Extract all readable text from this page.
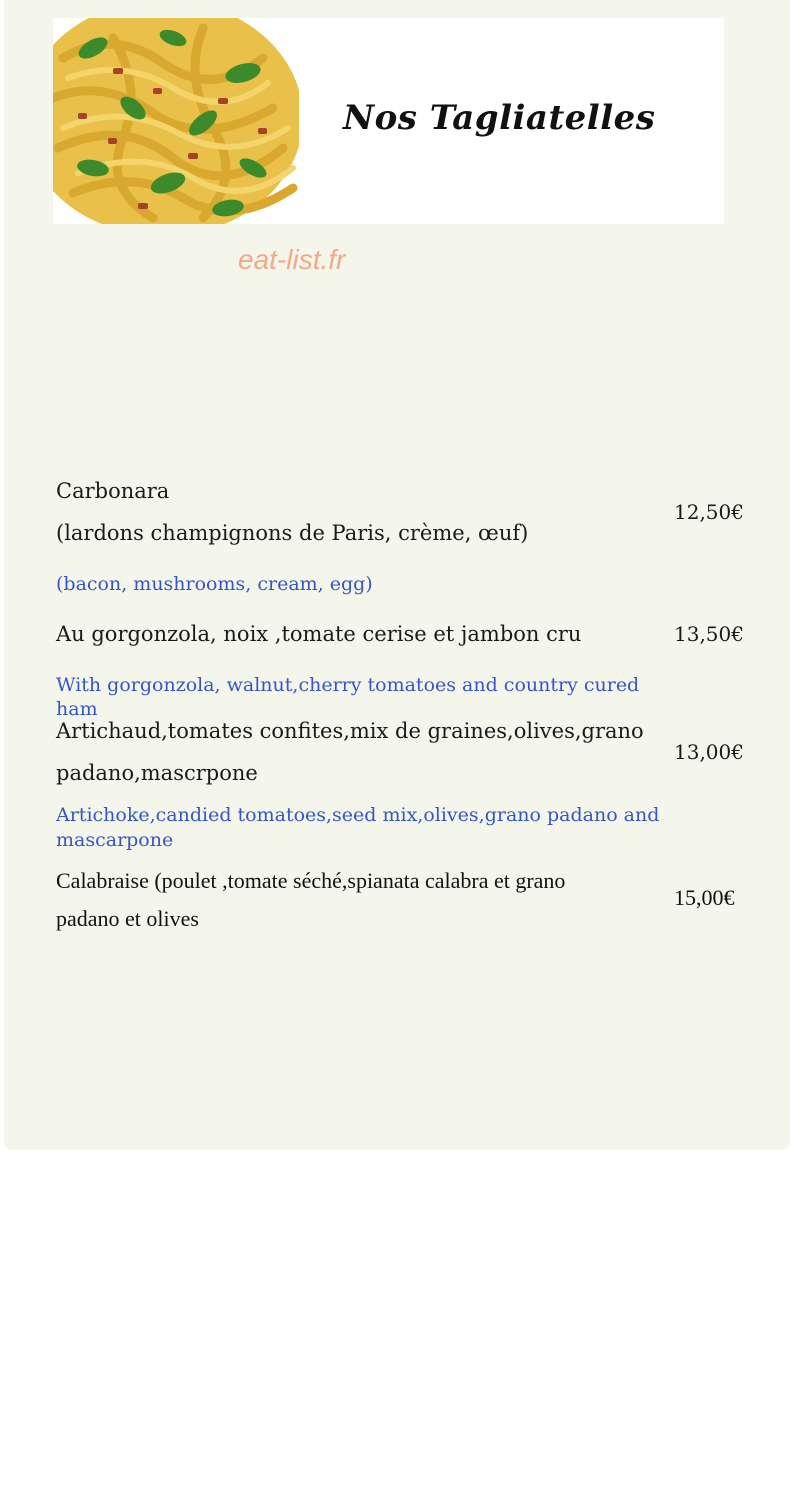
Nos Tagliatelles
eat-list.fr
Carbonara
(lardons champignons de Paris, crème, œuf)
12,50€
(bacon, mushrooms, cream, egg)
Au gorgonzola, noix ,tomate cerise et jambon cru	13,50€
With gorgonzola, walnut,cherry tomatoes and country cured ham
Artichaud,tomates confites,mix de graines,olives,grano
padano,mascrpone
13,00€
Artichoke,candied tomatoes,seed mix,olives,grano padano and
mascarpone
Calabraise (poulet ,tomate séché,spianata calabra et grano
padano et olives
15,00€
